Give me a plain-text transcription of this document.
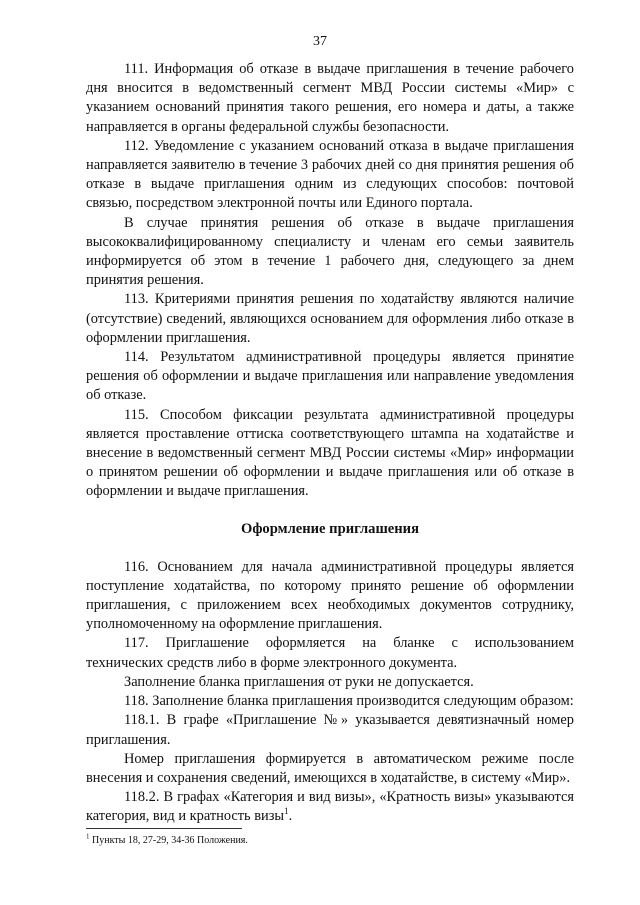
37

111. Информация об отказе в выдаче приглашения в течение рабочего дня вносится в ведомственный сегмент МВД России системы «Мир» с указанием оснований принятия такого решения, его номера и даты, а также направляется в органы федеральной службы безопасности.

112. Уведомление с указанием оснований отказа в выдаче приглашения направляется заявителю в течение 3 рабочих дней со дня принятия решения об отказе в выдаче приглашения одним из следующих способов: почтовой связью, посредством электронной почты или Единого портала.

В случае принятия решения об отказе в выдаче приглашения высококвалифицированному специалисту и членам его семьи заявитель информируется об этом в течение 1 рабочего дня, следующего за днем принятия решения.

113. Критериями принятия решения по ходатайству являются наличие (отсутствие) сведений, являющихся основанием для оформления либо отказе в оформлении приглашения.

114. Результатом административной процедуры является принятие решения об оформлении и выдаче приглашения или направление уведомления об отказе.

115. Способом фиксации результата административной процедуры является проставление оттиска соответствующего штампа на ходатайстве и внесение в ведомственный сегмент МВД России системы «Мир» информации о принятом решении об оформлении и выдаче приглашения или об отказе в оформлении и выдаче приглашения.

Оформление приглашения

116. Основанием для начала административной процедуры является поступление ходатайства, по которому принято решение об оформлении приглашения, с приложением всех необходимых документов сотруднику, уполномоченному на оформление приглашения.

117. Приглашение оформляется на бланке с использованием технических средств либо в форме электронного документа.

Заполнение бланка приглашения от руки не допускается.

118. Заполнение бланка приглашения производится следующим образом:

118.1. В графе «Приглашение №» указывается девятизначный номер приглашения.

Номер приглашения формируется в автоматическом режиме после внесения и сохранения сведений, имеющихся в ходатайстве, в систему «Мир».

118.2. В графах «Категория и вид визы», «Кратность визы» указываются категория, вид и кратность визы$^1$.

$^1$ Пункты 18, 27-29, 34-36 Положения.
